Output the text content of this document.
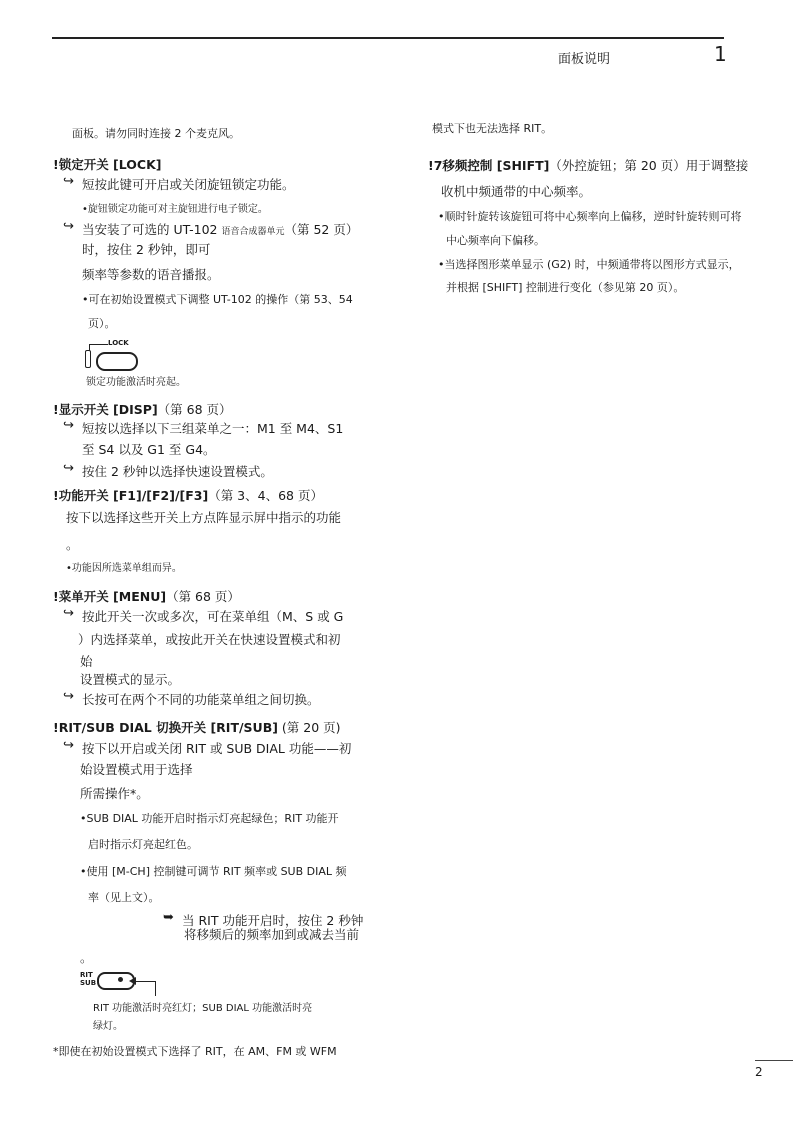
面板说明	1
面板。请勿同时连接 2 个麦克风。
!锁定开关 [LOCK]
↪ 短按此键可开启或关闭旋钮锁定功能。
•旋钮锁定功能可对主旋钮进行电子锁定。
↪ 当安装了可选的 UT-102 语音合成器单元（第 52 页）
时，按住 2 秒钟，即可
频率等参数的语音播报。
•可在初始设置模式下调整 UT-102 的操作（第 53、54
页）。
LOCK
锁定功能激活时亮起。
!显示开关 [DISP]（第 68 页）
↪ 短按以选择以下三组菜单之一：M1 至 M4、S1
至 S4 以及 G1 至 G4。
↪ 按住 2 秒钟以选择快速设置模式。
!功能开关 [F1]/[F2]/[F3]（第 3、4、68 页）
按下以选择这些开关上方点阵显示屏中指示的功能
。
•功能因所选菜单组而异。
!菜单开关 [MENU]（第 68 页）
↪ 按此开关一次或多次，可在菜单组（M、S 或 G
）内选择菜单，或按此开关在快速设置模式和初
始
设置模式的显示。
↪ 长按可在两个不同的功能菜单组之间切换。
!RIT/SUB DIAL 切换开关 [RIT/SUB] (第 20 页)
↪ 按下以开启或关闭 RIT 或 SUB DIAL 功能——初
始设置模式用于选择
所需操作*。
•SUB DIAL 功能开启时指示灯亮起绿色；RIT 功能开
启时指示灯亮起红色。
•使用 [M-CH] 控制键可调节 RIT 频率或 SUB DIAL 频
率（见上文）。
➥ 当 RIT 功能开启时，按住 2 秒钟
将移频后的频率加到或减去当前
。
RIT
SUB
RIT 功能激活时亮红灯；SUB DIAL 功能激活时亮
绿灯。
*即使在初始设置模式下选择了 RIT，在 AM、FM 或 WFM
模式下也无法选择 RIT。
!7移频控制 [SHIFT]（外控旋钮；第 20 页）用于调整接
收机中频通带的中心频率。
•顺时针旋转该旋钮可将中心频率向上偏移，逆时针旋转则可将
中心频率向下偏移。
•当选择图形菜单显示 (G2) 时，中频通带将以图形方式显示，
并根据 [SHIFT] 控制进行变化（参见第 20 页）。
2
